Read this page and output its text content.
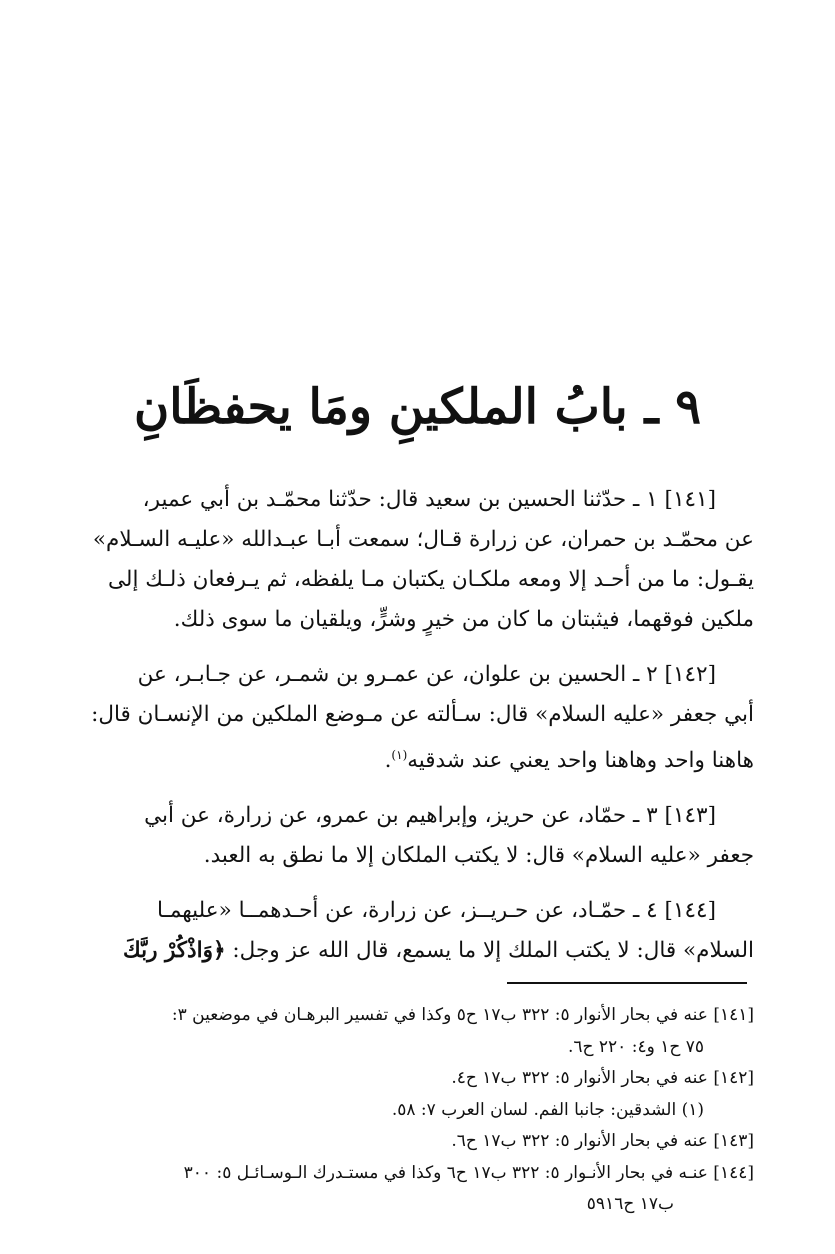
٩ ـ بابُ الملكينِ ومَا يحفظَانِ
[١٤١] ١ ـ حدّثنا الحسين بن سعيد قال: حدّثنا محمّـد بن أبي عمير،
عن محمّـد بن حمران، عن زرارة قـال؛ سمعت أبـا عبـدالله «عليـه السـلام»
يقـول: ما من أحـد إلا ومعه ملكـان يكتبان مـا يلفظه، ثم يـرفعان ذلـك إلى
ملكين فوقهما، فيثبتان ما كان من خيرٍ وشرٍّ، ويلقيان ما سوى ذلك.
[١٤٢] ٢ ـ الحسين بن علوان، عن عمـرو بن شمـر، عن جـابـر، عن
أبي جعفر «عليه السلام» قال: سـألته عن مـوضع الملكين من الإنسـان قال:
هاهنا واحد وهاهنا واحد يعني عند شدقيه$^{(١)}$.
[١٤٣] ٣ ـ حمّاد، عن حريز، وإبراهيم بن عمرو، عن زرارة، عن أبي
جعفر «عليه السلام» قال: لا يكتب الملكان إلا ما نطق به العبد.
[١٤٤] ٤ ـ حمّـاد، عن حـريــز، عن زرارة، عن أحـدهمــا «عليهمـا
السلام» قال: لا يكتب الملك إلا ما يسمع، قال الله عز وجل: ﴿وَاذْكُرْ ربَّكَ
[١٤١] عنه في بحار الأنوار ٥: ٣٢٢ ب١٧ ح٥ وكذا في تفسير البرهـان في موضعين ٣:
٧٥ ح١ و٤: ٢٢٠ ح٦.
[١٤٢] عنه في بحار الأنوار ٥: ٣٢٢ ب١٧ ح٤.
(١) الشدقين: جانبا الفم. لسان العرب ٧: ٥٨.
[١٤٣] عنه في بحار الأنوار ٥: ٣٢٢ ب١٧ ح٦.
[١٤٤] عنـه في بحار الأنـوار ٥: ٣٢٢ ب١٧ ح٦ وكذا في مستـدرك الـوسـائـل ٥: ٣٠٠
ب١٧ ح٥٩١٦
